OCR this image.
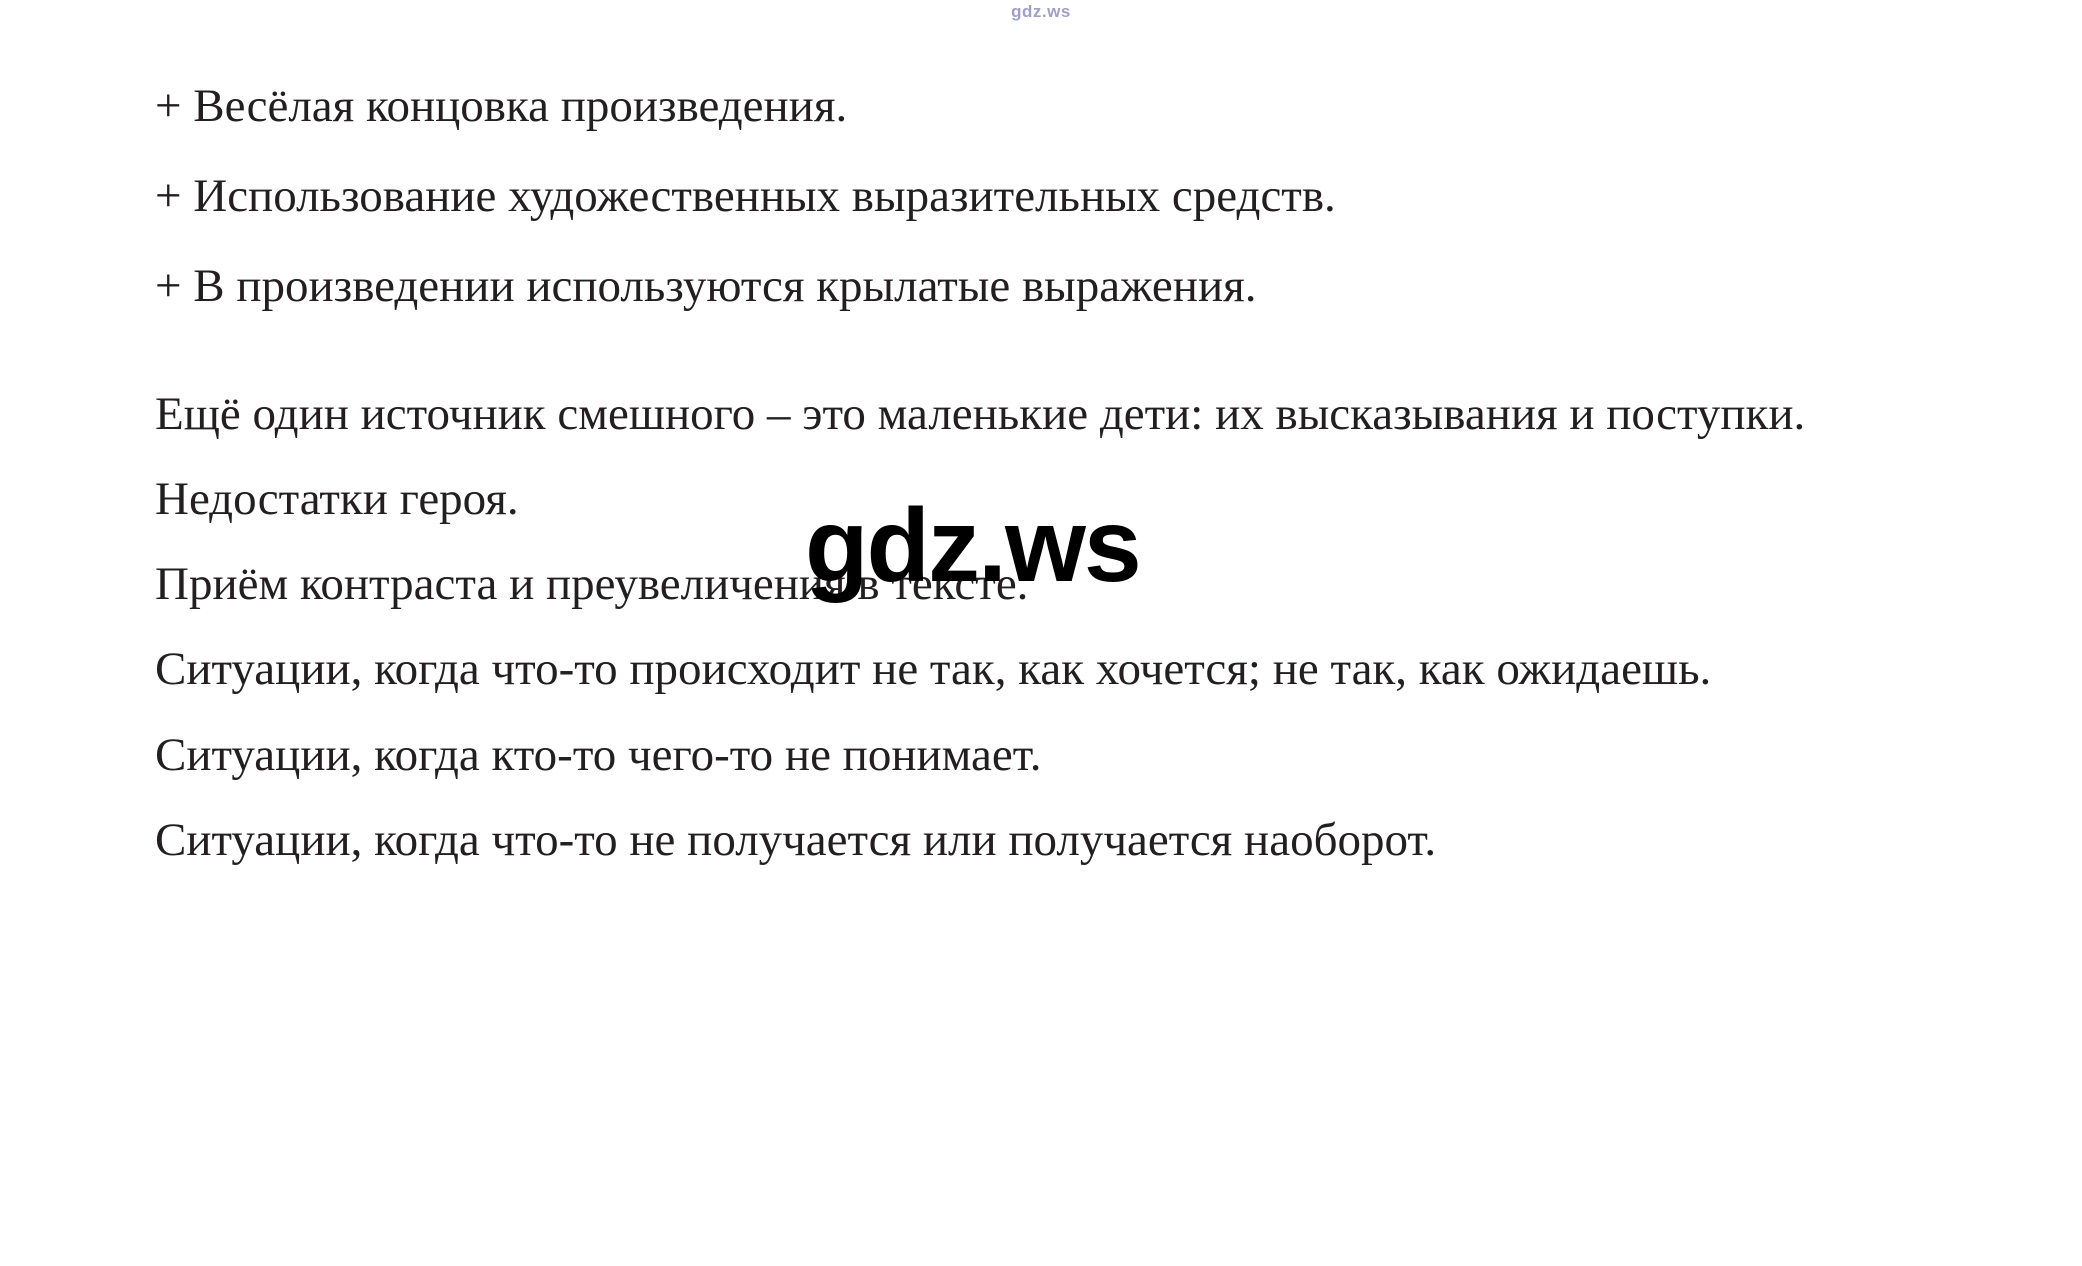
gdz.ws

+ Весёлая концовка произведения.

+ Использование художественных выразительных средств.

+ В произведении используются крылатые выражения.

Ещё один источник смешного – это маленькие дети: их высказывания и поступки.

Недостатки героя.

Приём контраста и преувеличения в тексте.

Ситуации, когда что-то происходит не так, как хочется; не так, как ожидаешь.

Ситуации, когда кто-то чего-то не понимает.

Ситуации, когда что-то не получается или получается наоборот.

gdz.ws
